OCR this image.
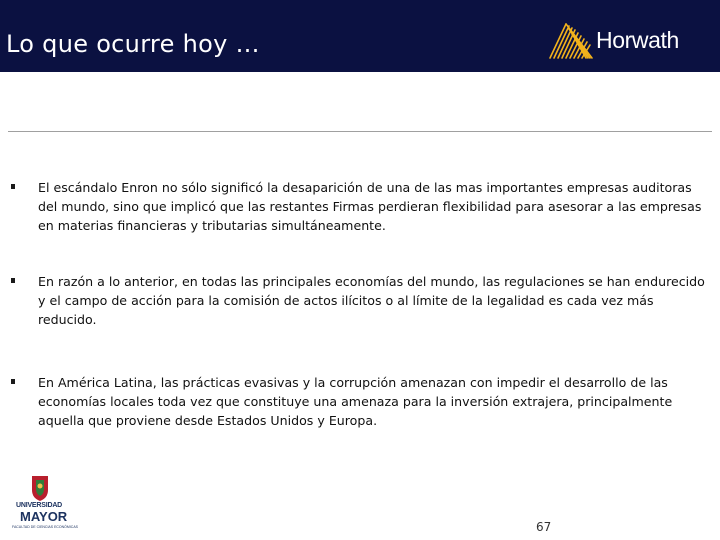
Lo que ocurre hoy …	Horwath
El escándalo Enron no sólo significó la desaparición de una de las mas importantes empresas auditoras del mundo, sino que implicó que las restantes Firmas perdieran flexibilidad para asesorar a las empresas en materias financieras y tributarias simultáneamente.
En razón a lo anterior, en todas las principales economías del mundo, las regulaciones se han endurecido y el campo de acción para la comisión de actos ilícitos o al límite de la legalidad es cada vez más reducido.
En América Latina, las prácticas evasivas y la corrupción amenazan con impedir el desarrollo de las economías locales toda vez que constituye una amenaza para la inversión extrajera, principalmente aquella que proviene desde Estados Unidos y Europa.
UNIVERSIDAD
MAYOR
FACULTAD DE CIENCIAS ECONÓMICAS	67
